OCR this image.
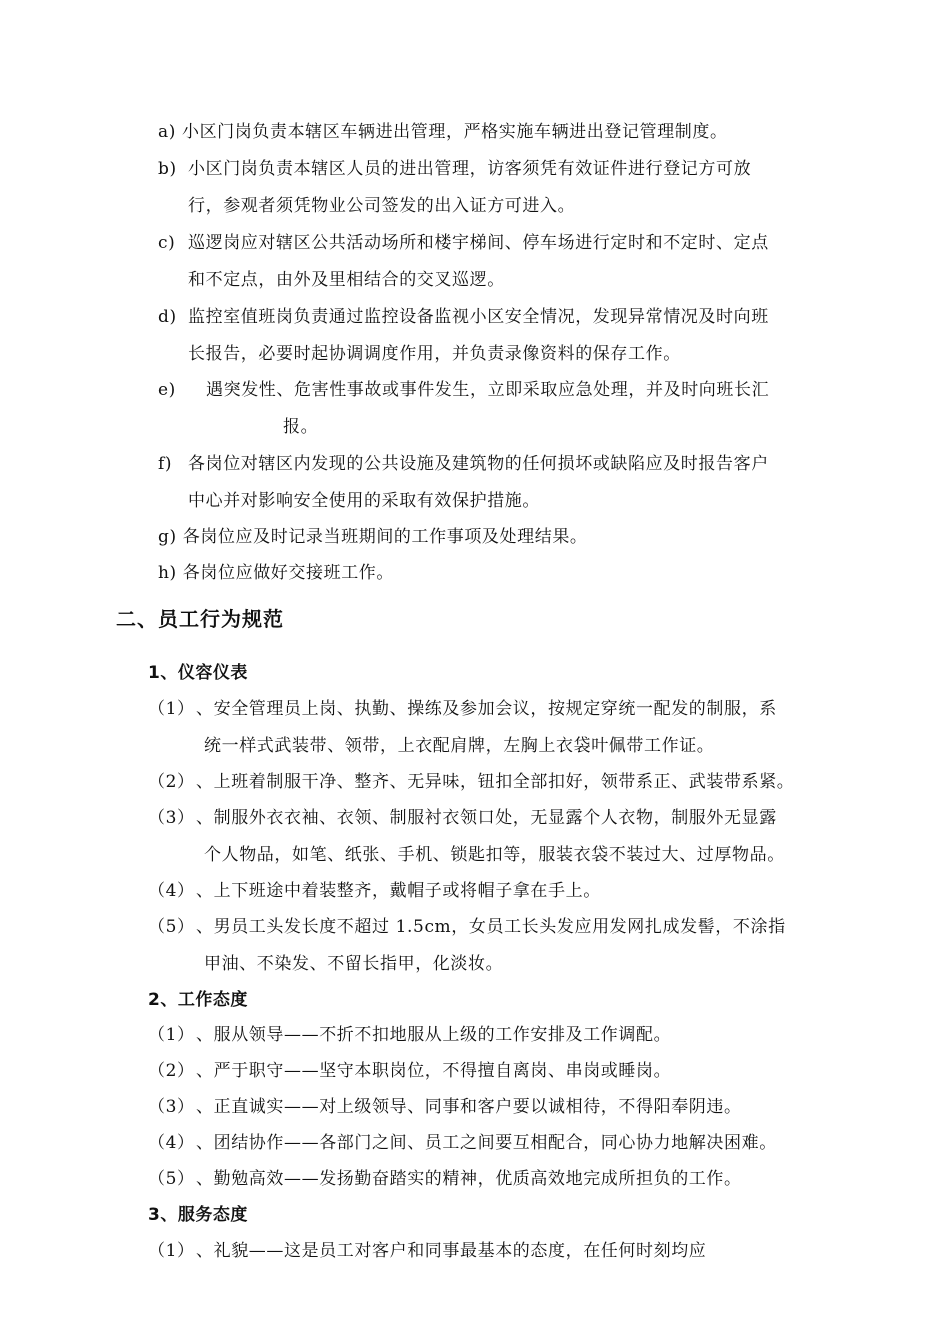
a) 小区门岗负责本辖区车辆进出管理，严格实施车辆进出登记管理制度。
b) 小区门岗负责本辖区人员的进出管理，访客须凭有效证件进行登记方可放
行，参观者须凭物业公司签发的出入证方可进入。
c) 巡逻岗应对辖区公共活动场所和楼宇梯间、停车场进行定时和不定时、定点
和不定点，由外及里相结合的交叉巡逻。
d) 监控室值班岗负责通过监控设备监视小区安全情况，发现异常情况及时向班
长报告，必要时起协调调度作用，并负责录像资料的保存工作。
e) 遇突发性、危害性事故或事件发生，立即采取应急处理，并及时向班长汇
报。
f) 各岗位对辖区内发现的公共设施及建筑物的任何损坏或缺陷应及时报告客户
中心并对影响安全使用的采取有效保护措施。
g) 各岗位应及时记录当班期间的工作事项及处理结果。
h) 各岗位应做好交接班工作。
二、员工行为规范
1、仪容仪表
（1）、安全管理员上岗、执勤、操练及参加会议，按规定穿统一配发的制服，系
统一样式武装带、领带，上衣配肩牌，左胸上衣袋叶佩带工作证。
（2）、上班着制服干净、整齐、无异味，钮扣全部扣好，领带系正、武装带系紧。
（3）、制服外衣衣袖、衣领、制服衬衣领口处，无显露个人衣物，制服外无显露
个人物品，如笔、纸张、手机、锁匙扣等，服装衣袋不装过大、过厚物品。
（4）、上下班途中着装整齐，戴帽子或将帽子拿在手上。
（5）、男员工头发长度不超过 1.5cm，女员工长头发应用发网扎成发髻，不涂指
甲油、不染发、不留长指甲，化淡妆。
2、工作态度
（1）、服从领导——不折不扣地服从上级的工作安排及工作调配。
（2）、严于职守——坚守本职岗位，不得擅自离岗、串岗或睡岗。
（3）、正直诚实——对上级领导、同事和客户要以诚相待，不得阳奉阴违。
（4）、团结协作——各部门之间、员工之间要互相配合，同心协力地解决困难。
（5）、勤勉高效——发扬勤奋踏实的精神，优质高效地完成所担负的工作。
3、服务态度
（1）、礼貌——这是员工对客户和同事最基本的态度，在任何时刻均应
